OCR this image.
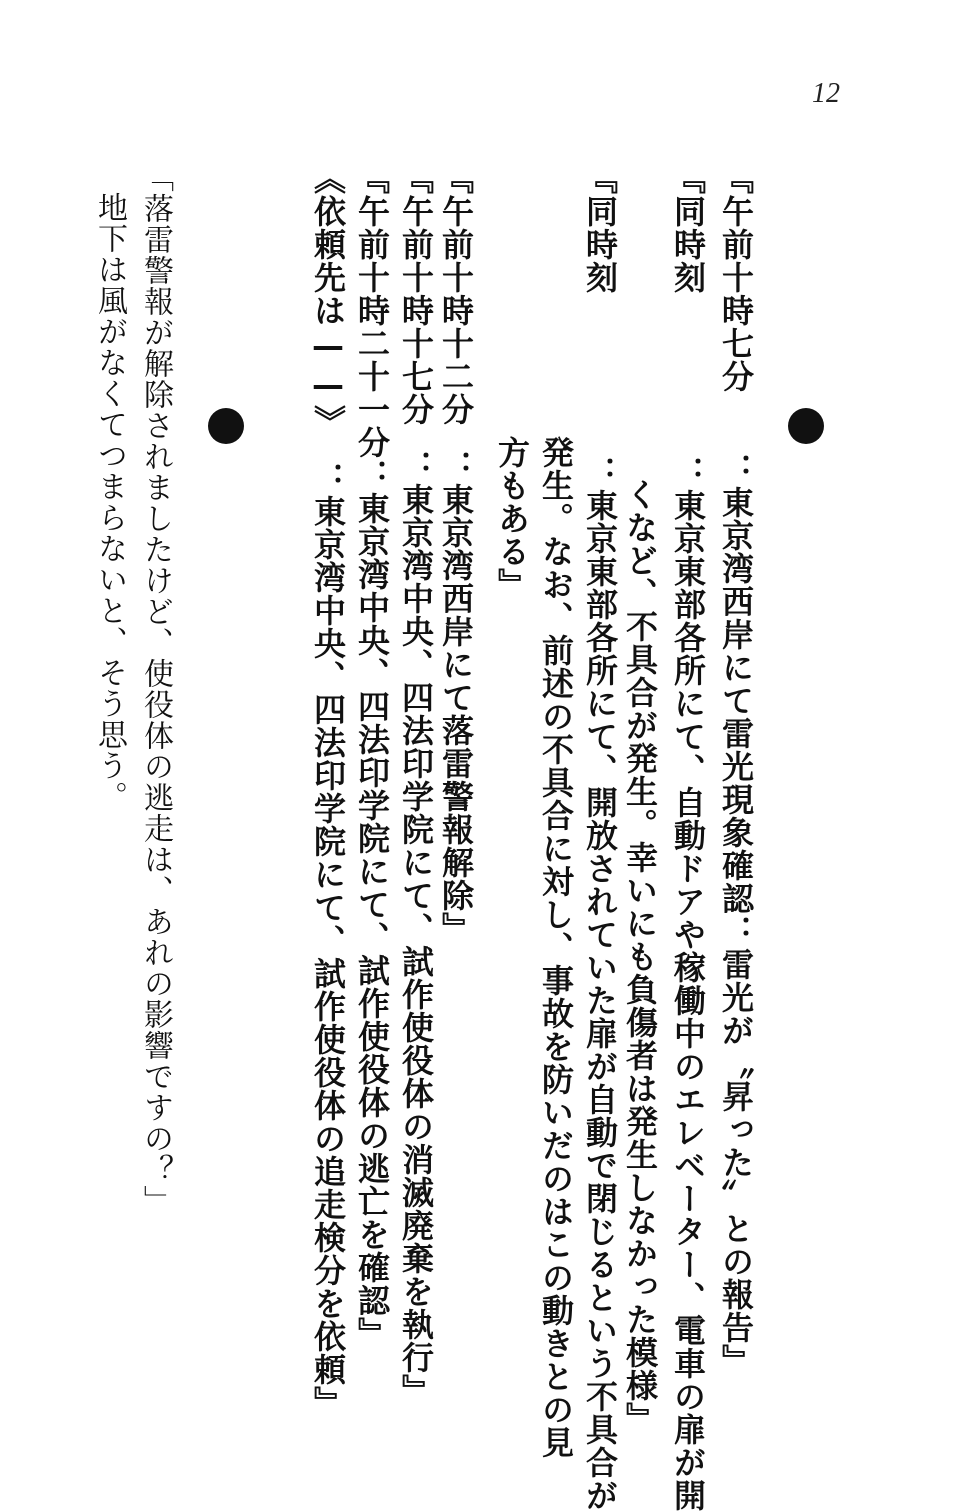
12
『午前十時七分：東京湾西岸にて雷光現象確認：雷光が〝昇った〟との報告』
『同時刻：東京東部各所にて、自動ドアや稼働中のエレベーター、電車の扉が開
くなど、不具合が発生。幸いにも負傷者は発生しなかった模様』
『同時刻：東京東部各所にて、開放されていた扉が自動で閉じるという不具合が
発生。なお、前述の不具合に対し、事故を防いだのはこの動きとの見
方もある』
『午前十時十二分：東京湾西岸にて落雷警報解除』
『午前十時十七分：東京湾中央、四法印学院にて、試作使役体の消滅廃棄を執行』
『午前十時二十一分：東京湾中央、四法印学院にて、試作使役体の逃亡を確認』
《依頼先は——》：東京湾中央、四法印学院にて、試作使役体の追走検分を依頼』
「落雷警報が解除されましたけど、使役体の逃走は、あれの影響ですの？」
地下は風がなくてつまらないと、そう思う。
